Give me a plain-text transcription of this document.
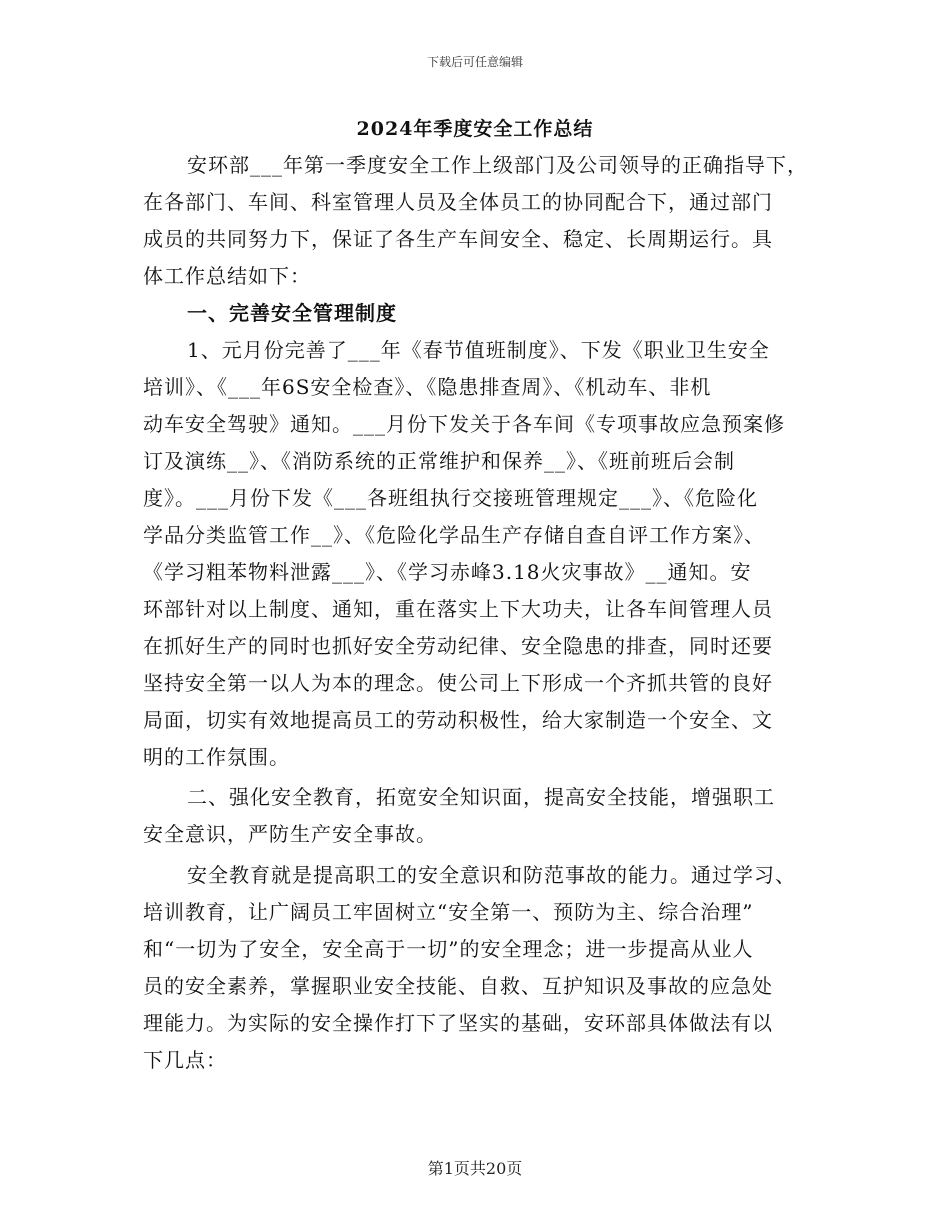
下载后可任意编辑
2024年季度安全工作总结
安环部___年第一季度安全工作上级部门及公司领导的正确指导下，
在各部门、车间、科室管理人员及全体员工的协同配合下，通过部门
成员的共同努力下，保证了各生产车间安全、稳定、长周期运行。具
体工作总结如下：
一、完善安全管理制度
1、元月份完善了___年《春节值班制度》、下发《职业卫生安全
培训》、《___年6S安全检查》、《隐患排查周》、《机动车、非机
动车安全驾驶》通知。___月份下发关于各车间《专项事故应急预案修
订及演练__》、《消防系统的正常维护和保养__》、《班前班后会制
度》。___月份下发《___各班组执行交接班管理规定___》、《危险化
学品分类监管工作__》、《危险化学品生产存储自查自评工作方案》、
《学习粗苯物料泄露___》、《学习赤峰3.18火灾事故》__通知。安
环部针对以上制度、通知，重在落实上下大功夫，让各车间管理人员
在抓好生产的同时也抓好安全劳动纪律、安全隐患的排查，同时还要
坚持安全第一以人为本的理念。使公司上下形成一个齐抓共管的良好
局面，切实有效地提高员工的劳动积极性，给大家制造一个安全、文
明的工作氛围。
二、强化安全教育，拓宽安全知识面，提高安全技能，增强职工
安全意识，严防生产安全事故。
安全教育就是提高职工的安全意识和防范事故的能力。通过学习、
培训教育，让广阔员工牢固树立“安全第一、预防为主、综合治理”
和“一切为了安全，安全高于一切”的安全理念；进一步提高从业人
员的安全素养，掌握职业安全技能、自救、互护知识及事故的应急处
理能力。为实际的安全操作打下了坚实的基础，安环部具体做法有以
下几点：
第1页共20页
